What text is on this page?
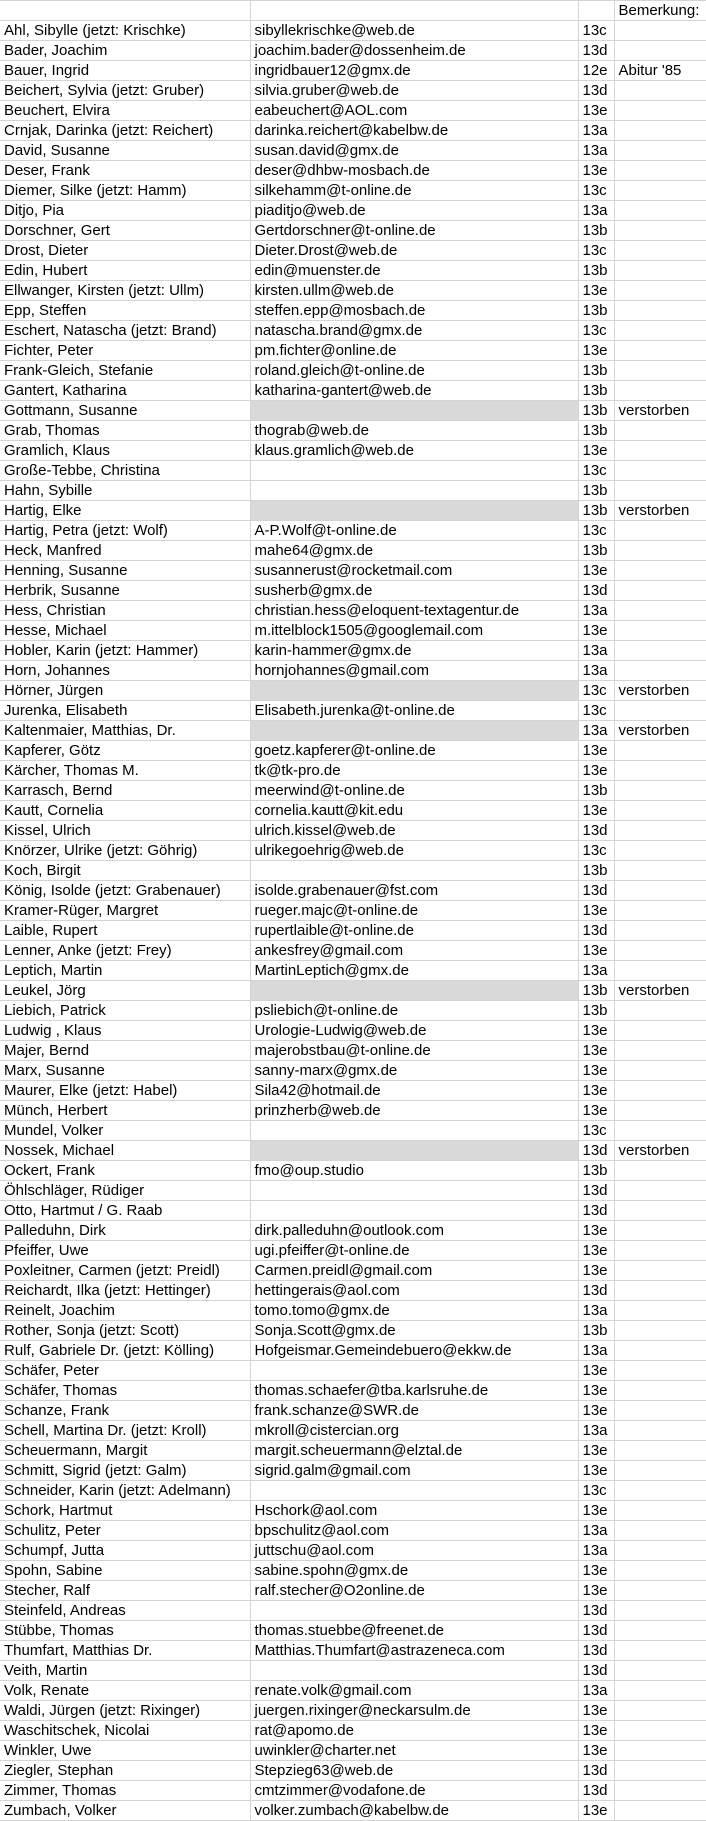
			Bemerkung:
Ahl, Sibylle (jetzt: Krischke)	sibyllekrischke@web.de	13c	
Bader, Joachim	joachim.bader@dossenheim.de	13d	
Bauer, Ingrid	ingridbauer12@gmx.de	12e	Abitur '85
Beichert, Sylvia (jetzt: Gruber)	silvia.gruber@web.de	13d	
Beuchert, Elvira	eabeuchert@AOL.com	13e	
Crnjak, Darinka (jetzt: Reichert)	darinka.reichert@kabelbw.de	13a	
David, Susanne	susan.david@gmx.de	13a	
Deser, Frank	deser@dhbw-mosbach.de	13e	
Diemer, Silke (jetzt: Hamm)	silkehamm@t-online.de	13c	
Ditjo, Pia	piaditjo@web.de	13a	
Dorschner, Gert	Gertdorschner@t-online.de	13b	
Drost, Dieter	Dieter.Drost@web.de	13c	
Edin, Hubert	edin@muenster.de	13b	
Ellwanger, Kirsten (jetzt: Ullm)	kirsten.ullm@web.de	13e	
Epp, Steffen	steffen.epp@mosbach.de	13b	
Eschert, Natascha (jetzt: Brand)	natascha.brand@gmx.de	13c	
Fichter, Peter	pm.fichter@online.de	13e	
Frank-Gleich, Stefanie	roland.gleich@t-online.de	13b	
Gantert, Katharina	katharina-gantert@web.de	13b	
Gottmann, Susanne		13b	verstorben
Grab, Thomas	thograb@web.de	13b	
Gramlich, Klaus	klaus.gramlich@web.de	13e	
Große-Tebbe, Christina		13c	
Hahn, Sybille		13b	
Hartig, Elke		13b	verstorben
Hartig, Petra (jetzt: Wolf)	A-P.Wolf@t-online.de	13c	
Heck, Manfred	mahe64@gmx.de	13b	
Henning, Susanne	susannerust@rocketmail.com	13e	
Herbrik, Susanne	susherb@gmx.de	13d	
Hess, Christian	christian.hess@eloquent-textagentur.de	13a	
Hesse, Michael	m.ittelblock1505@googlemail.com	13e	
Hobler, Karin (jetzt: Hammer)	karin-hammer@gmx.de	13a	
Horn, Johannes	hornjohannes@gmail.com	13a	
Hörner, Jürgen		13c	verstorben
Jurenka, Elisabeth	Elisabeth.jurenka@t-online.de	13c	
Kaltenmaier, Matthias, Dr.		13a	verstorben
Kapferer, Götz	goetz.kapferer@t-online.de	13e	
Kärcher, Thomas M.	tk@tk-pro.de	13e	
Karrasch, Bernd	meerwind@t-online.de	13b	
Kautt, Cornelia	cornelia.kautt@kit.edu	13e	
Kissel, Ulrich	ulrich.kissel@web.de	13d	
Knörzer, Ulrike (jetzt: Göhrig)	ulrikegoehrig@web.de	13c	
Koch, Birgit		13b	
König, Isolde (jetzt: Grabenauer)	isolde.grabenauer@fst.com	13d	
Kramer-Rüger, Margret	rueger.majc@t-online.de	13e	
Laible, Rupert	rupertlaible@t-online.de	13d	
Lenner, Anke (jetzt: Frey)	ankesfrey@gmail.com	13e	
Leptich, Martin	MartinLeptich@gmx.de	13a	
Leukel, Jörg		13b	verstorben
Liebich, Patrick	psliebich@t-online.de	13b	
Ludwig , Klaus	Urologie-Ludwig@web.de	13e	
Majer, Bernd	majerobstbau@t-online.de	13e	
Marx, Susanne	sanny-marx@gmx.de	13e	
Maurer, Elke (jetzt: Habel)	Sila42@hotmail.de	13e	
Münch, Herbert	prinzherb@web.de	13e	
Mundel, Volker		13c	
Nossek, Michael		13d	verstorben
Ockert, Frank	fmo@oup.studio	13b	
Öhlschläger, Rüdiger		13d	
Otto, Hartmut / G. Raab		13d	
Palleduhn, Dirk	dirk.palleduhn@outlook.com	13e	
Pfeiffer, Uwe	ugi.pfeiffer@t-online.de	13e	
Poxleitner, Carmen (jetzt: Preidl)	Carmen.preidl@gmail.com	13e	
Reichardt, Ilka (jetzt: Hettinger)	hettingerais@aol.com	13d	
Reinelt, Joachim	tomo.tomo@gmx.de	13a	
Rother, Sonja (jetzt: Scott)	Sonja.Scott@gmx.de	13b	
Rulf, Gabriele Dr. (jetzt: Kölling)	Hofgeismar.Gemeindebuero@ekkw.de	13a	
Schäfer, Peter		13e	
Schäfer, Thomas	thomas.schaefer@tba.karlsruhe.de	13e	
Schanze, Frank	frank.schanze@SWR.de	13e	
Schell, Martina Dr. (jetzt: Kroll)	mkroll@cistercian.org	13a	
Scheuermann, Margit	margit.scheuermann@elztal.de	13e	
Schmitt, Sigrid (jetzt: Galm)	sigrid.galm@gmail.com	13e	
Schneider, Karin (jetzt: Adelmann)		13c	
Schork, Hartmut	Hschork@aol.com	13e	
Schulitz, Peter	bpschulitz@aol.com	13a	
Schumpf, Jutta	juttschu@aol.com	13a	
Spohn, Sabine	sabine.spohn@gmx.de	13e	
Stecher, Ralf	ralf.stecher@O2online.de	13e	
Steinfeld, Andreas		13d	
Stübbe, Thomas	thomas.stuebbe@freenet.de	13d	
Thumfart, Matthias Dr.	Matthias.Thumfart@astrazeneca.com	13d	
Veith, Martin		13d	
Volk, Renate	renate.volk@gmail.com	13a	
Waldi, Jürgen (jetzt: Rixinger)	juergen.rixinger@neckarsulm.de	13e	
Waschitschek, Nicolai	rat@apomo.de	13e	
Winkler, Uwe	uwinkler@charter.net	13e	
Ziegler, Stephan	Stepzieg63@web.de	13d	
Zimmer, Thomas	cmtzimmer@vodafone.de	13d	
Zumbach, Volker	volker.zumbach@kabelbw.de	13e	
